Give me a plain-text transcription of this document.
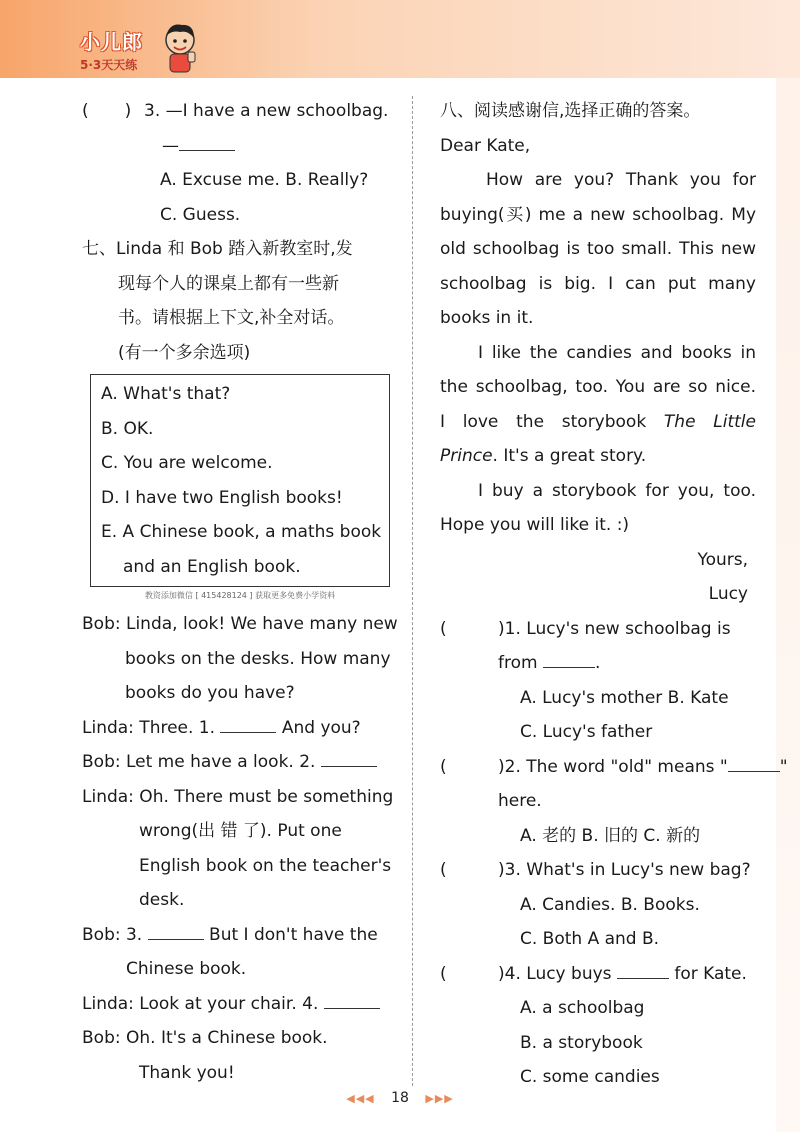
小儿郎
5·3天天练
( ) 3. —I have a new schoolbag.
—
A. Excuse me. B. Really?
C. Guess.
七、Linda 和 Bob 踏入新教室时,发
现每个人的课桌上都有一些新
书。请根据上下文,补全对话。
(有一个多余选项)
A. What's that?
B. OK.
C. You are welcome.
D. I have two English books!
E. A Chinese book, a maths book
and an English book.
教资添加微信 [ 415428124 ] 获取更多免费小学资料
Bob: Linda, look! We have many new
books on the desks. How many
books do you have?
Linda: Three. 1.	And you?
Bob: Let me have a look. 2.
Linda: Oh. There must be something
wrong(出 错 了). Put one
English book on the teacher's
desk.
Bob: 3.	But I don't have the
Chinese book.
Linda: Look at your chair. 4.
Bob: Oh. It's a Chinese book.
Thank you!
八、阅读感谢信,选择正确的答案。
Dear Kate,
How are you? Thank you for
buying(买) me a new schoolbag. My
old schoolbag is too small. This new
schoolbag is big. I can put many
books in it.
I like the candies and books in
the schoolbag, too. You are so nice.
I love the storybook The Little
Prince. It's a great story.
I buy a storybook for you, too.
Hope you will like it. :)
Yours,
Lucy
(	)1. Lucy's new schoolbag is
from	.
A. Lucy's mother B. Kate
C. Lucy's father
(	)2. The word "old" means "	"
here.
A. 老的 B. 旧的 C. 新的
(	)3. What's in Lucy's new bag?
A. Candies. B. Books.
C. Both A and B.
(	)4. Lucy buys	for Kate.
A. a schoolbag
B. a storybook
C. some candies
◀◀◀ 18 ▶▶▶
